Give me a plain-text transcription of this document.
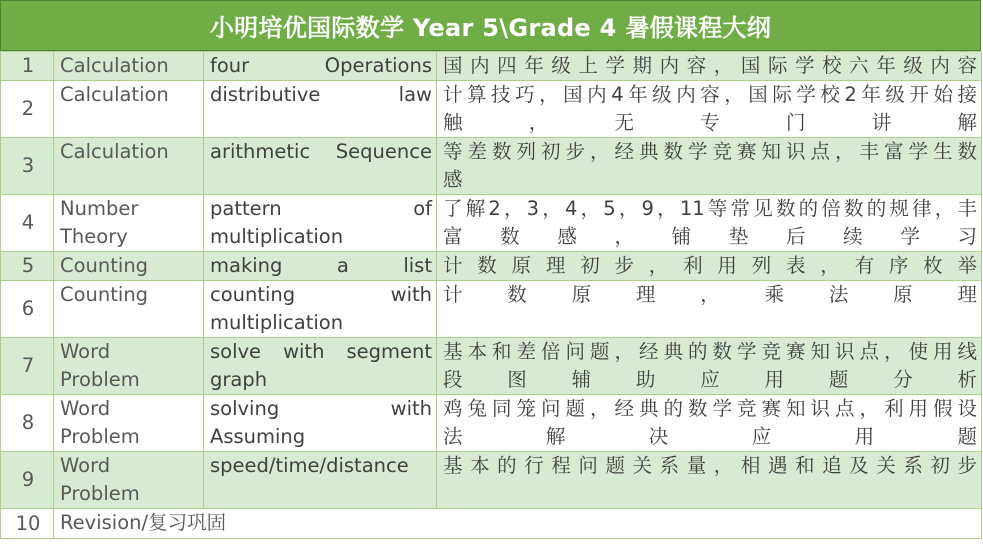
小明培优国际数学 Year 5\Grade 4 暑假课程大纲
1	Calculation	four Operations	国内四年级上学期内容，国际学校六年级内容

2	Calculation	distributive law	计算技巧，国内4年级内容，国际学校2年级开始接
触，无专门讲解

3	Calculation	arithmetic Sequence	等差数列初步，经典数学竞赛知识点，丰富学生数
感

4	Number
Theory	pattern of
multiplication	了解2，3，4，5，9，11等常见数的倍数的规律，丰
富数感，铺垫后续学习

5	Counting	making a list	计数原理初步，利用列表，有序枚举

6	Counting	counting with
multiplication	计数原理，乘法原理

7	Word
Problem	solve with segment
graph	基本和差倍问题，经典的数学竞赛知识点，使用线
段图辅助应用题分析

8	Word
Problem	solving with
Assuming	鸡兔同笼问题，经典的数学竞赛知识点，利用假设
法解决应用题

9	Word
Problem	speed/time/distance	基本的行程问题关系量，相遇和追及关系初步

10	Revision/复习巩固		
